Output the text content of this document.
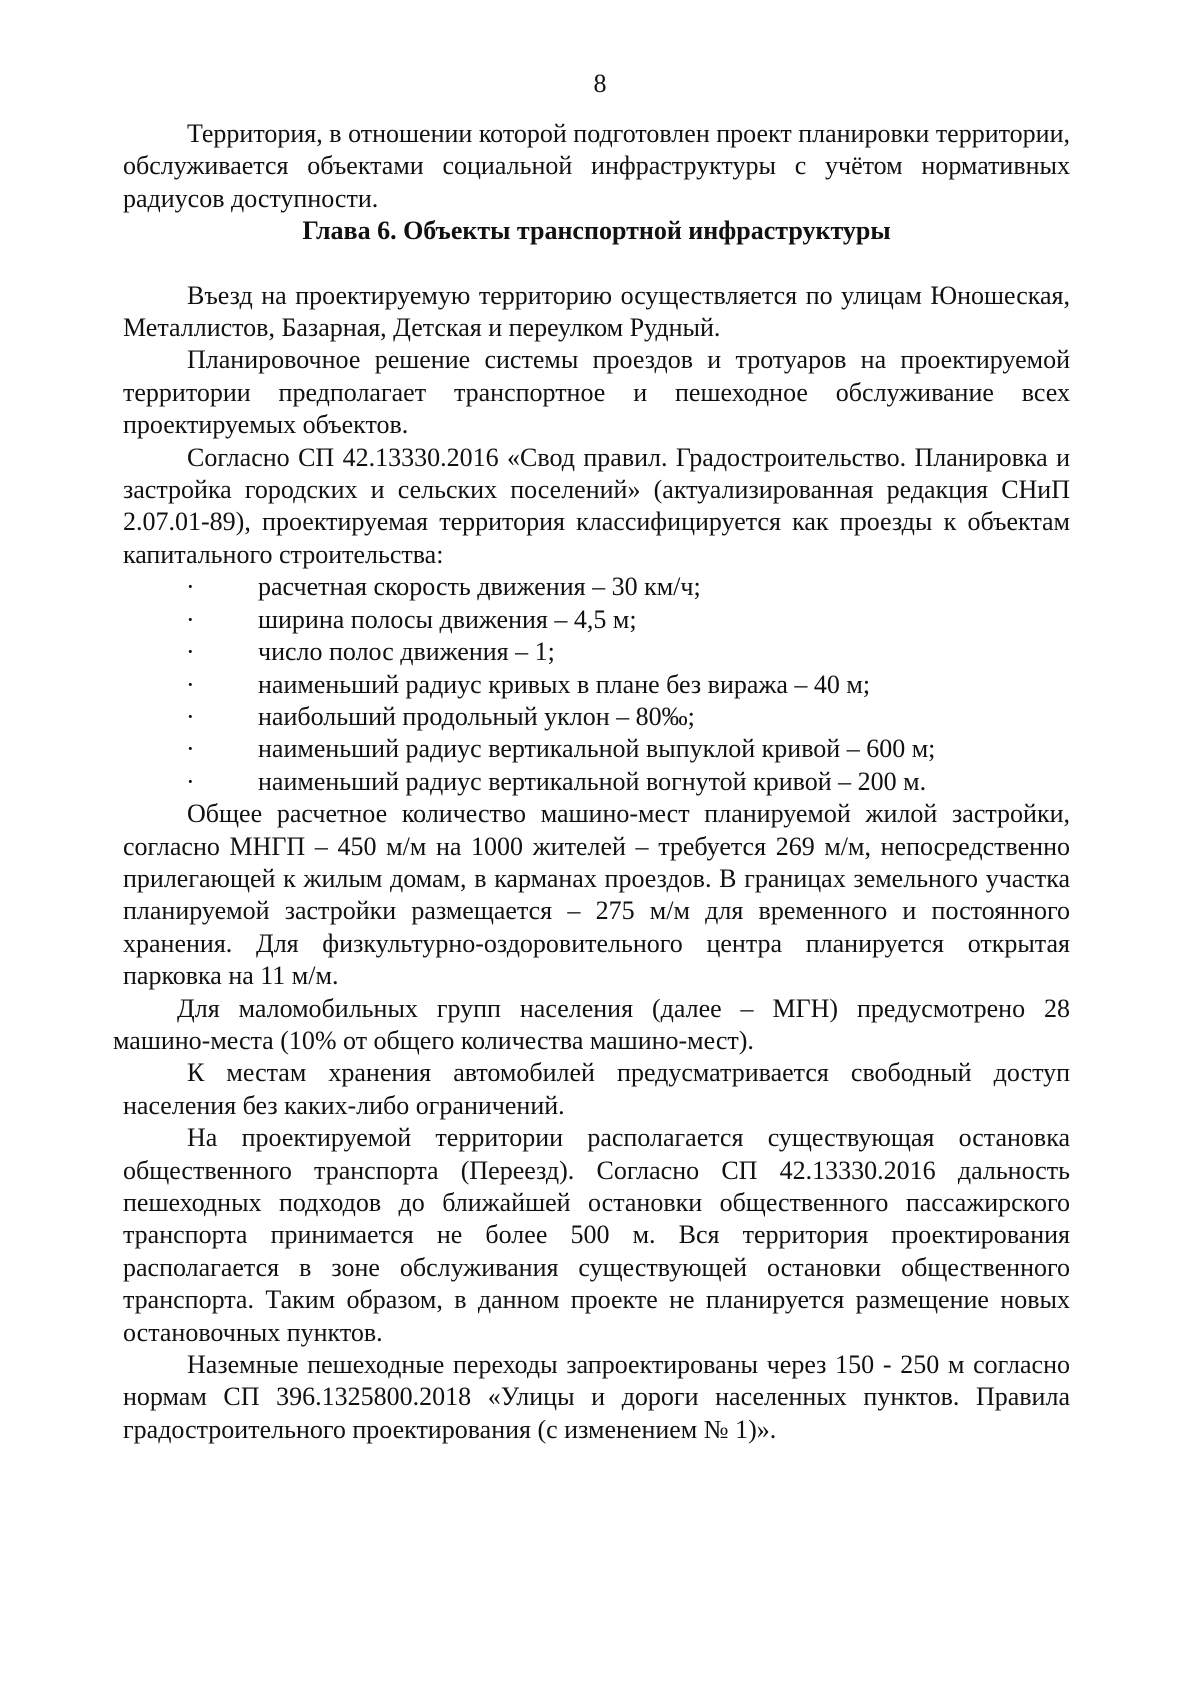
8

Территория, в отношении которой подготовлен проект планировки территории, обслуживается объектами социальной инфраструктуры с учётом нормативных радиусов доступности.

Глава 6. Объекты транспортной инфраструктуры

Въезд на проектируемую территорию осуществляется по улицам Юношеская, Металлистов, Базарная, Детская и переулком Рудный.

Планировочное решение системы проездов и тротуаров на проектируемой территории предполагает транспортное и пешеходное обслуживание всех проектируемых объектов.

Согласно СП 42.13330.2016 «Свод правил. Градостроительство. Планировка и застройка городских и сельских поселений» (актуализированная редакция СНиП 2.07.01-89), проектируемая территория классифицируется как проезды к объектам капитального строительства:

· расчетная скорость движения – 30 км/ч;
· ширина полосы движения – 4,5 м;
· число полос движения – 1;
· наименьший радиус кривых в плане без виража – 40 м;
· наибольший продольный уклон – 80‰;
· наименьший радиус вертикальной выпуклой кривой – 600 м;
· наименьший радиус вертикальной вогнутой кривой – 200 м.

Общее расчетное количество машино-мест планируемой жилой застройки, согласно МНГП – 450 м/м на 1000 жителей – требуется 269 м/м, непосредственно прилегающей к жилым домам, в карманах проездов. В границах земельного участка планируемой застройки размещается – 275 м/м для временного и постоянного хранения. Для физкультурно-оздоровительного центра планируется открытая парковка на 11 м/м.

Для маломобильных групп населения (далее – МГН) предусмотрено 28 машино-места (10% от общего количества машино-мест).

К местам хранения автомобилей предусматривается свободный доступ населения без каких-либо ограничений.

На проектируемой территории располагается существующая остановка общественного транспорта (Переезд). Согласно СП 42.13330.2016 дальность пешеходных подходов до ближайшей остановки общественного пассажирского транспорта принимается не более 500 м. Вся территория проектирования располагается в зоне обслуживания существующей остановки общественного транспорта. Таким образом, в данном проекте не планируется размещение новых остановочных пунктов.

Наземные пешеходные переходы запроектированы через 150 - 250 м согласно нормам СП 396.1325800.2018 «Улицы и дороги населенных пунктов. Правила градостроительного проектирования (с изменением № 1)».
